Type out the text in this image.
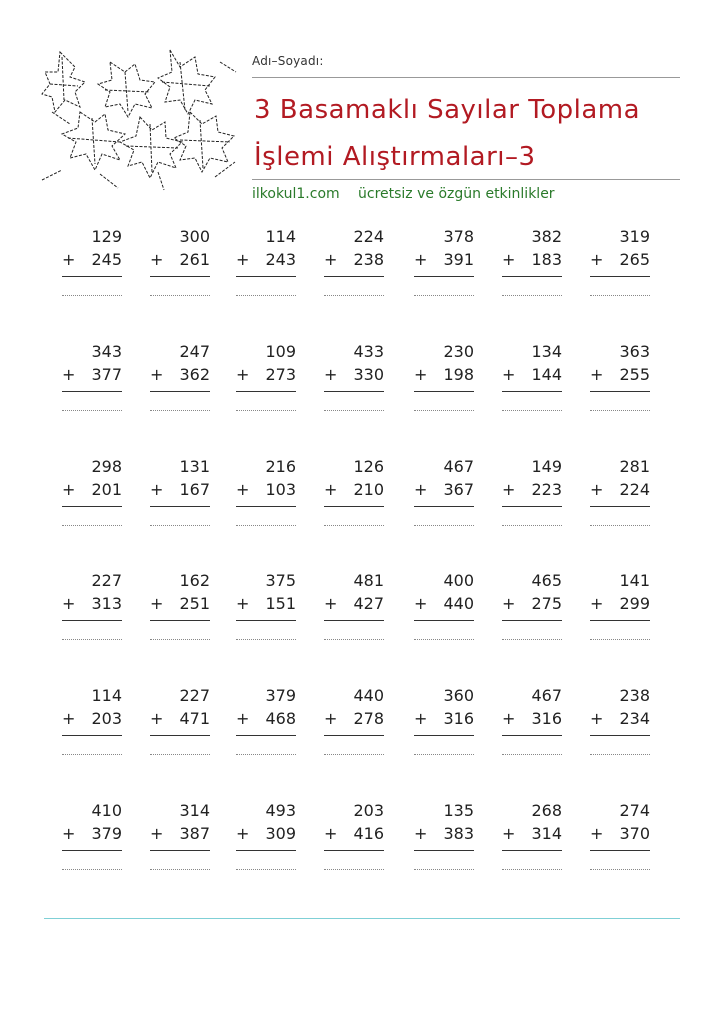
Adı–Soyadı:
3 Basamaklı Sayılar Toplama
İşlemi Alıştırmaları–3
ilkokul1.com ücretsiz ve özgün etkinlikler
129
+ 245
300
+ 261
114
+ 243
224
+ 238
378
+ 391
382
+ 183
319
+ 265
343
+ 377
247
+ 362
109
+ 273
433
+ 330
230
+ 198
134
+ 144
363
+ 255
298
+ 201
131
+ 167
216
+ 103
126
+ 210
467
+ 367
149
+ 223
281
+ 224
227
+ 313
162
+ 251
375
+ 151
481
+ 427
400
+ 440
465
+ 275
141
+ 299
114
+ 203
227
+ 471
379
+ 468
440
+ 278
360
+ 316
467
+ 316
238
+ 234
410
+ 379
314
+ 387
493
+ 309
203
+ 416
135
+ 383
268
+ 314
274
+ 370
